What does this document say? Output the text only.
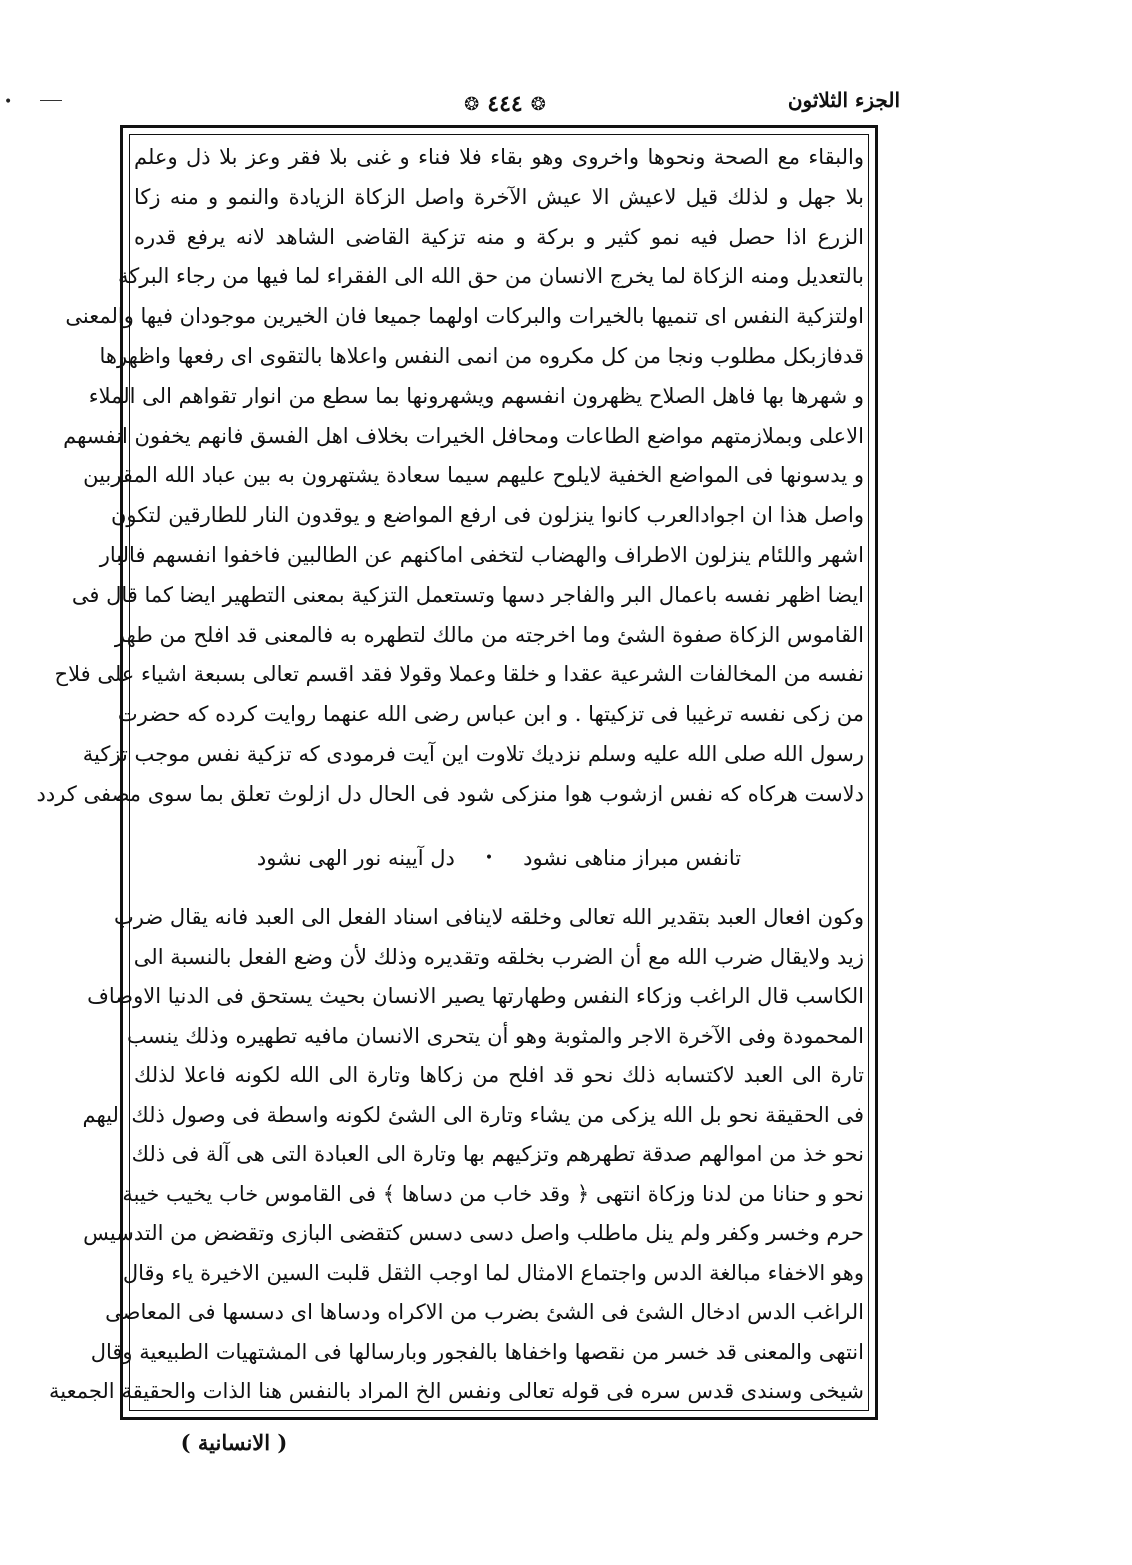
•	❂ ٤٤٤ ❂	الجزء الثلاثون
والبقاء مع الصحة ونحوها واخروى وهو بقاء فلا فناء و غنى بلا فقر وعز بلا ذل وعلم
بلا جهل و لذلك قيل لاعيش الا عيش الآخرة واصل الزكاة الزيادة والنمو و منه زكا
الزرع اذا حصل فيه نمو كثير و بركة و منه تزكية القاضى الشاهد لانه يرفع قدره
بالتعديل ومنه الزكاة لما يخرج الانسان من حق الله الى الفقراء لما فيها من رجاء البركة
اولتزكية النفس اى تنميها بالخيرات والبركات اولهما جميعا فان الخيرين موجودان فيها والمعنى
قدفازبكل مطلوب ونجا من كل مكروه من انمى النفس واعلاها بالتقوى اى رفعها واظهرها
و شهرها بها فاهل الصلاح يظهرون انفسهم ويشهرونها بما سطع من انوار تقواهم الى الملاء
الاعلى وبملازمتهم مواضع الطاعات ومحافل الخيرات بخلاف اهل الفسق فانهم يخفون انفسهم
و يدسونها فى المواضع الخفية لايلوح عليهم سيما سعادة يشتهرون به بين عباد الله المقربين
واصل هذا ان اجوادالعرب كانوا ينزلون فى ارفع المواضع و يوقدون النار للطارقين لتكون
اشهر واللئام ينزلون الاطراف والهضاب لتخفى اماكنهم عن الطالبين فاخفوا انفسهم فالبار
ايضا اظهر نفسه باعمال البر والفاجر دسها وتستعمل التزكية بمعنى التطهير ايضا كما قال فى
القاموس الزكاة صفوة الشئ وما اخرجته من مالك لتطهره به فالمعنى قد افلح من طهر
نفسه من المخالفات الشرعية عقدا و خلقا وعملا وقولا فقد اقسم تعالى بسبعة اشياء على فلاح
من زكى نفسه ترغيبا فى تزكيتها . و ابن عباس رضى الله عنهما روايت كرده كه حضرت
رسول الله صلى الله عليه وسلم نزديك تلاوت اين آيت فرمودى كه تزكية نفس موجب تزكية
دلاست هركاه كه نفس ازشوب هوا منزكى شود فى الحال دل ازلوث تعلق بما سوى مصفى كردد
تانفس مبراز مناهى نشود
•
دل آيينه نور الهى نشود
وكون افعال العبد بتقدير الله تعالى وخلقه لاينافى اسناد الفعل الى العبد فانه يقال ضرب
زيد ولايقال ضرب الله مع أن الضرب بخلقه وتقديره وذلك لأن وضع الفعل بالنسبة الى
الكاسب قال الراغب وزكاء النفس وطهارتها يصير الانسان بحيث يستحق فى الدنيا الاوصاف
المحمودة وفى الآخرة الاجر والمثوبة وهو أن يتحرى الانسان مافيه تطهيره وذلك ينسب
تارة الى العبد لاكتسابه ذلك نحو قد افلح من زكاها وتارة الى الله لكونه فاعلا لذلك
فى الحقيقة نحو بل الله يزكى من يشاء وتارة الى الشئ لكونه واسطة فى وصول ذلك اليهم
نحو خذ من اموالهم صدقة تطهرهم وتزكيهم بها وتارة الى العبادة التى هى آلة فى ذلك
نحو و حنانا من لدنا وزكاة انتهى ﴿ وقد خاب من دساها ﴾ فى القاموس خاب يخيب خيبة
حرم وخسر وكفر ولم ينل ماطلب واصل دسى دسس كتقضى البازى وتقضض من التدسيس
وهو الاخفاء مبالغة الدس واجتماع الامثال لما اوجب الثقل قلبت السين الاخيرة ياء وقال
الراغب الدس ادخال الشئ فى الشئ بضرب من الاكراه ودساها اى دسسها فى المعاصى
انتهى والمعنى قد خسر من نقصها واخفاها بالفجور وبارسالها فى المشتهيات الطبيعية وقال
شيخى وسندى قدس سره فى قوله تعالى ونفس الخ المراد بالنفس هنا الذات والحقيقة الجمعية
( الانسانية )
